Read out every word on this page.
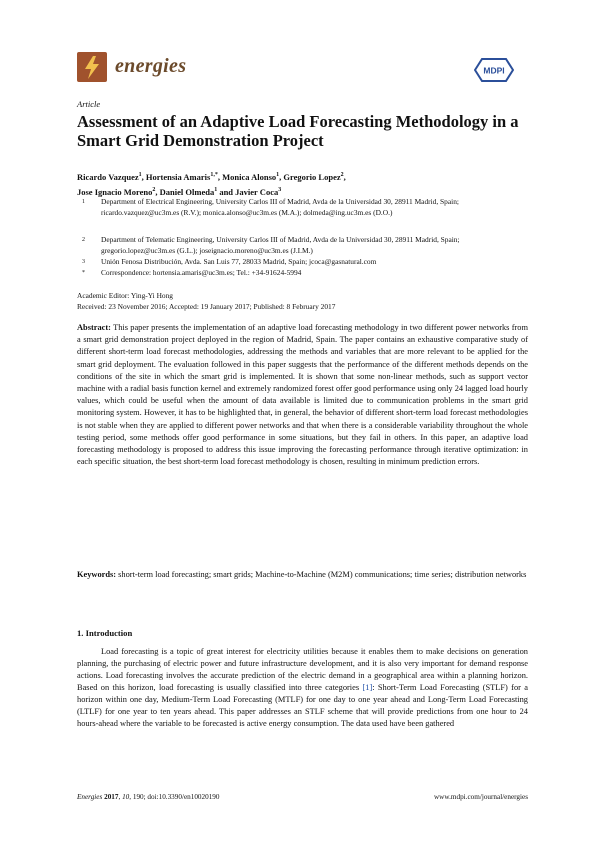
energies	MDPI
Article
Assessment of an Adaptive Load Forecasting Methodology in a Smart Grid Demonstration Project
Ricardo Vazquez$^1$, Hortensia Amaris$^{1,*}$, Monica Alonso$^1$, Gregorio Lopez$^2$,
Jose Ignacio Moreno$^2$, Daniel Olmeda$^1$ and Javier Coca$^3$
1 Department of Electrical Engineering, University Carlos III of Madrid, Avda de la Universidad 30, 28911 Madrid, Spain; ricardo.vazquez@uc3m.es (R.V.); monica.alonso@uc3m.es (M.A.); dolmeda@ing.uc3m.es (D.O.)
2 Department of Telematic Engineering, University Carlos III of Madrid, Avda de la Universidad 30, 28911 Madrid, Spain; gregorio.lopez@uc3m.es (G.L.); joseignacio.moreno@uc3m.es (J.I.M.)
3 Unión Fenosa Distribución, Avda. San Luis 77, 28033 Madrid, Spain; jcoca@gasnatural.com
* Correspondence: hortensia.amaris@uc3m.es; Tel.: +34-91624-5994
Academic Editor: Ying-Yi Hong
Received: 23 November 2016; Accepted: 19 January 2017; Published: 8 February 2017
Abstract: This paper presents the implementation of an adaptive load forecasting methodology in two different power networks from a smart grid demonstration project deployed in the region of Madrid, Spain. The paper contains an exhaustive comparative study of different short-term load forecast methodologies, addressing the methods and variables that are more relevant to be applied for the smart grid deployment. The evaluation followed in this paper suggests that the performance of the different methods depends on the conditions of the site in which the smart grid is implemented. It is shown that some non-linear methods, such as support vector machine with a radial basis function kernel and extremely randomized forest offer good performance using only 24 lagged load hourly values, which could be useful when the amount of data available is limited due to communication problems in the smart grid monitoring system. However, it has to be highlighted that, in general, the behavior of different short-term load forecast methodologies is not stable when they are applied to different power networks and that when there is a considerable variability throughout the whole testing period, some methods offer good performance in some situations, but they fail in others. In this paper, an adaptive load forecasting methodology is proposed to address this issue improving the forecasting performance through iterative optimization: in each specific situation, the best short-term load forecast methodology is chosen, resulting in minimum prediction errors.
Keywords: short-term load forecasting; smart grids; Machine-to-Machine (M2M) communications; time series; distribution networks
1. Introduction
Load forecasting is a topic of great interest for electricity utilities because it enables them to make decisions on generation planning, the purchasing of electric power and future infrastructure development, and it is also very important for demand response actions. Load forecasting involves the accurate prediction of the electric demand in a geographical area within a planning horizon. Based on this horizon, load forecasting is usually classified into three categories [1]: Short-Term Load Forecasting (STLF) for a horizon within one day, Medium-Term Load Forecasting (MTLF) for one day to one year ahead and Long-Term Load Forecasting (LTLF) for one year to ten years ahead. This paper addresses an STLF scheme that will provide predictions from one hour to 24 hours-ahead where the variable to be forecasted is active energy consumption. The data used have been gathered
Energies 2017, 10, 190; doi:10.3390/en10020190	www.mdpi.com/journal/energies
